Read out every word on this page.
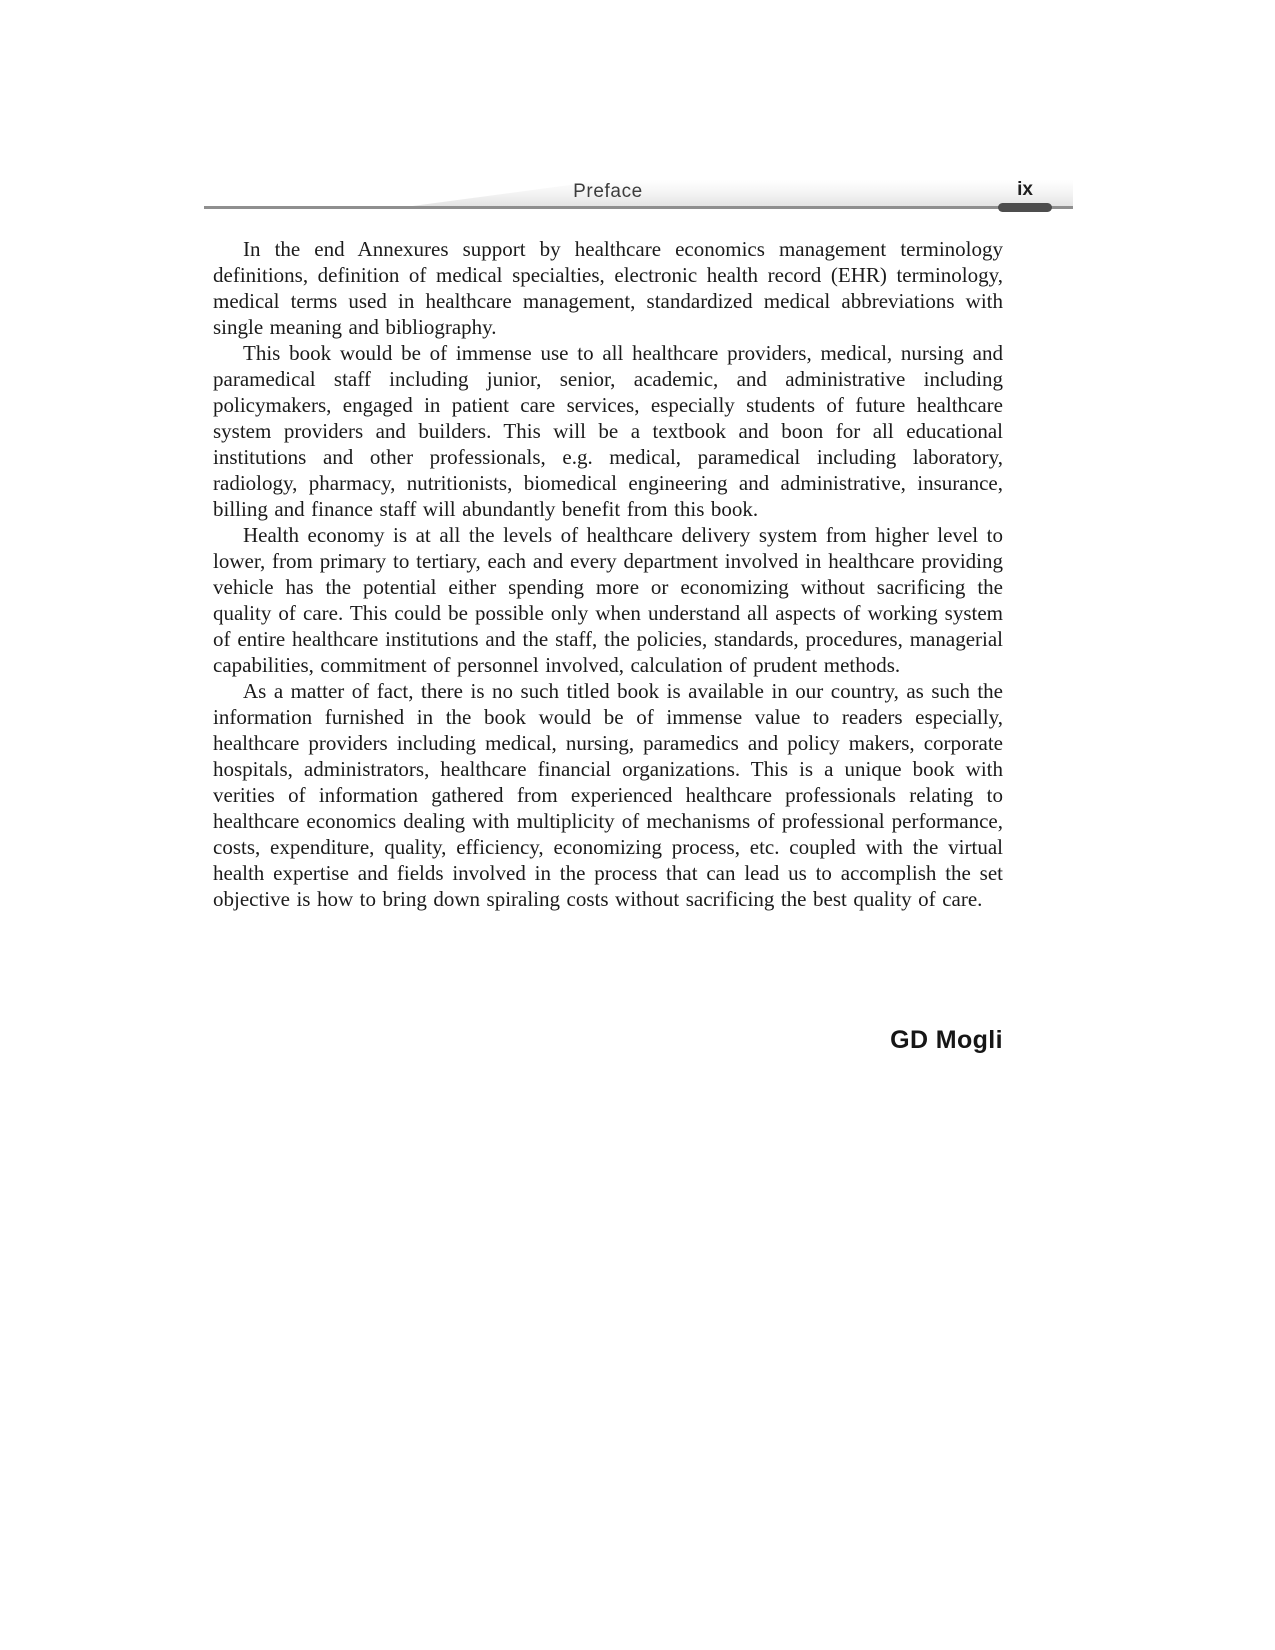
Preface	ix

In the end Annexures support by healthcare economics management terminology definitions, definition of medical specialties, electronic health record (EHR) terminology, medical terms used in healthcare management, standardized medical abbreviations with single meaning and bibliography.

This book would be of immense use to all healthcare providers, medical, nursing and paramedical staff including junior, senior, academic, and administrative including policymakers, engaged in patient care services, especially students of future healthcare system providers and builders. This will be a textbook and boon for all educational institutions and other professionals, e.g. medical, paramedical including laboratory, radiology, pharmacy, nutritionists, biomedical engineering and administrative, insurance, billing and finance staff will abundantly benefit from this book.

Health economy is at all the levels of healthcare delivery system from higher level to lower, from primary to tertiary, each and every department involved in healthcare providing vehicle has the potential either spending more or economizing without sacrificing the quality of care. This could be possible only when understand all aspects of working system of entire healthcare institutions and the staff, the policies, standards, procedures, managerial capabilities, commitment of personnel involved, calculation of prudent methods.

As a matter of fact, there is no such titled book is available in our country, as such the information furnished in the book would be of immense value to readers especially, healthcare providers including medical, nursing, paramedics and policy makers, corporate hospitals, administrators, healthcare financial organizations. This is a unique book with verities of information gathered from experienced healthcare professionals relating to healthcare economics dealing with multiplicity of mechanisms of professional performance, costs, expenditure, quality, efficiency, economizing process, etc. coupled with the virtual health expertise and fields involved in the process that can lead us to accomplish the set objective is how to bring down spiraling costs without sacrificing the best quality of care.

GD Mogli
